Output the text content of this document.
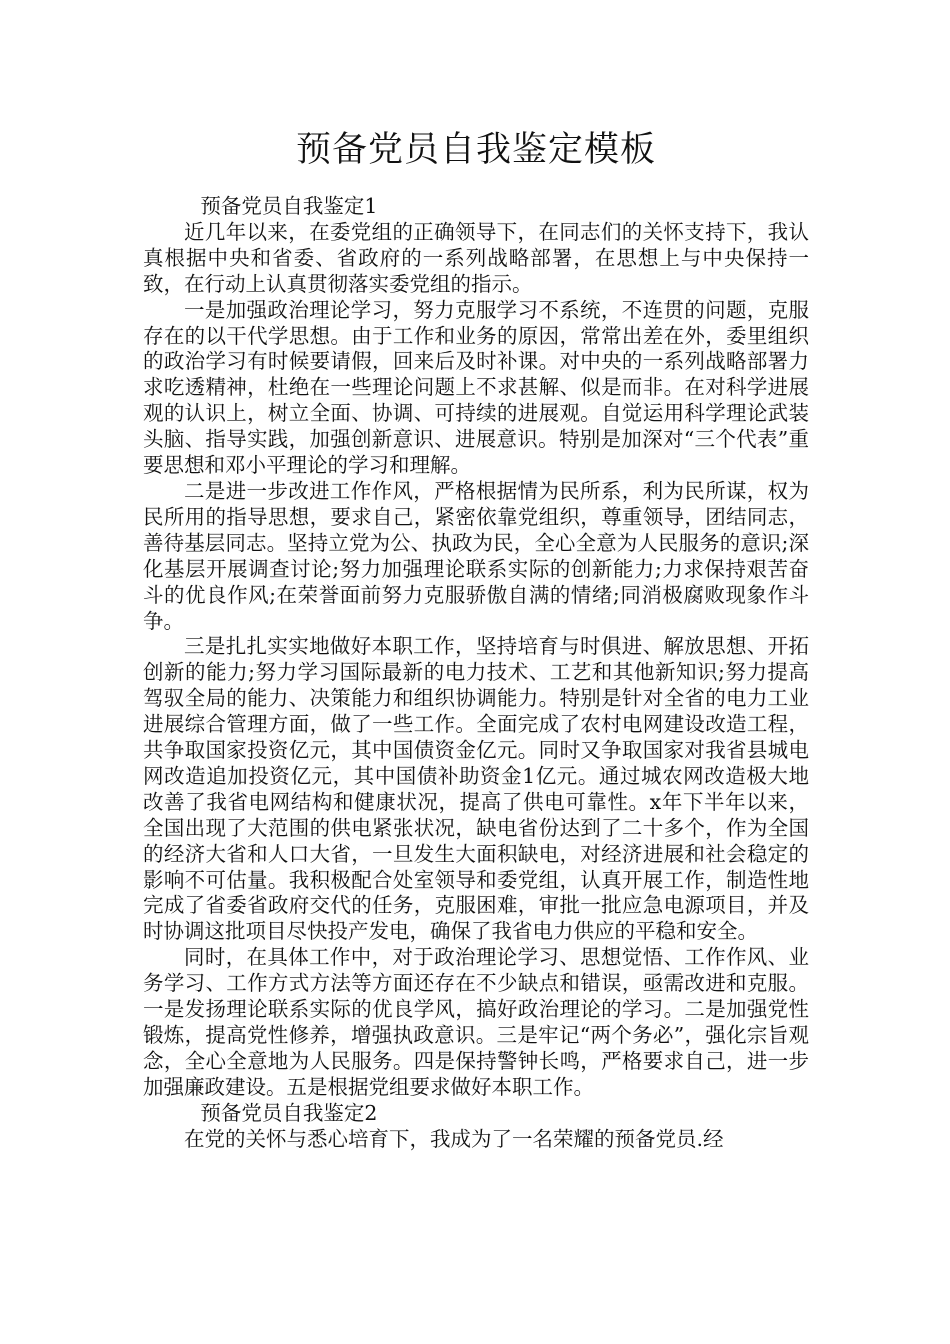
预备党员自我鉴定模板

预备党员自我鉴定1

近几年以来，在委党组的正确领导下，在同志们的关怀支持下，我认真根据中央和省委、省政府的一系列战略部署，在思想上与中央保持一致，在行动上认真贯彻落实委党组的指示。

一是加强政治理论学习，努力克服学习不系统，不连贯的问题，克服存在的以干代学思想。由于工作和业务的原因，常常出差在外，委里组织的政治学习有时候要请假，回来后及时补课。对中央的一系列战略部署力求吃透精神，杜绝在一些理论问题上不求甚解、似是而非。在对科学进展观的认识上，树立全面、协调、可持续的进展观。自觉运用科学理论武装头脑、指导实践，加强创新意识、进展意识。特别是加深对“三个代表”重要思想和邓小平理论的学习和理解。

二是进一步改进工作作风，严格根据情为民所系，利为民所谋，权为民所用的指导思想，要求自己，紧密依靠党组织，尊重领导，团结同志，善待基层同志。坚持立党为公、执政为民，全心全意为人民服务的意识;深化基层开展调查讨论;努力加强理论联系实际的创新能力;力求保持艰苦奋斗的优良作风;在荣誉面前努力克服骄傲自满的情绪;同消极腐败现象作斗争。

三是扎扎实实地做好本职工作，坚持培育与时俱进、解放思想、开拓创新的能力;努力学习国际最新的电力技术、工艺和其他新知识;努力提高驾驭全局的能力、决策能力和组织协调能力。特别是针对全省的电力工业进展综合管理方面，做了一些工作。全面完成了农村电网建设改造工程，共争取国家投资亿元，其中国债资金亿元。同时又争取国家对我省县城电网改造追加投资亿元，其中国债补助资金1亿元。通过城农网改造极大地改善了我省电网结构和健康状况，提高了供电可靠性。x年下半年以来，全国出现了大范围的供电紧张状况，缺电省份达到了二十多个，作为全国的经济大省和人口大省，一旦发生大面积缺电，对经济进展和社会稳定的影响不可估量。我积极配合处室领导和委党组，认真开展工作，制造性地完成了省委省政府交代的任务，克服困难，审批一批应急电源项目，并及时协调这批项目尽快投产发电，确保了我省电力供应的平稳和安全。

同时，在具体工作中，对于政治理论学习、思想觉悟、工作作风、业务学习、工作方式方法等方面还存在不少缺点和错误，亟需改进和克服。一是发扬理论联系实际的优良学风，搞好政治理论的学习。二是加强党性锻炼，提高党性修养，增强执政意识。三是牢记“两个务必”，强化宗旨观念，全心全意地为人民服务。四是保持警钟长鸣，严格要求自己，进一步加强廉政建设。五是根据党组要求做好本职工作。

预备党员自我鉴定2

在党的关怀与悉心培育下，我成为了一名荣耀的预备党员.经
